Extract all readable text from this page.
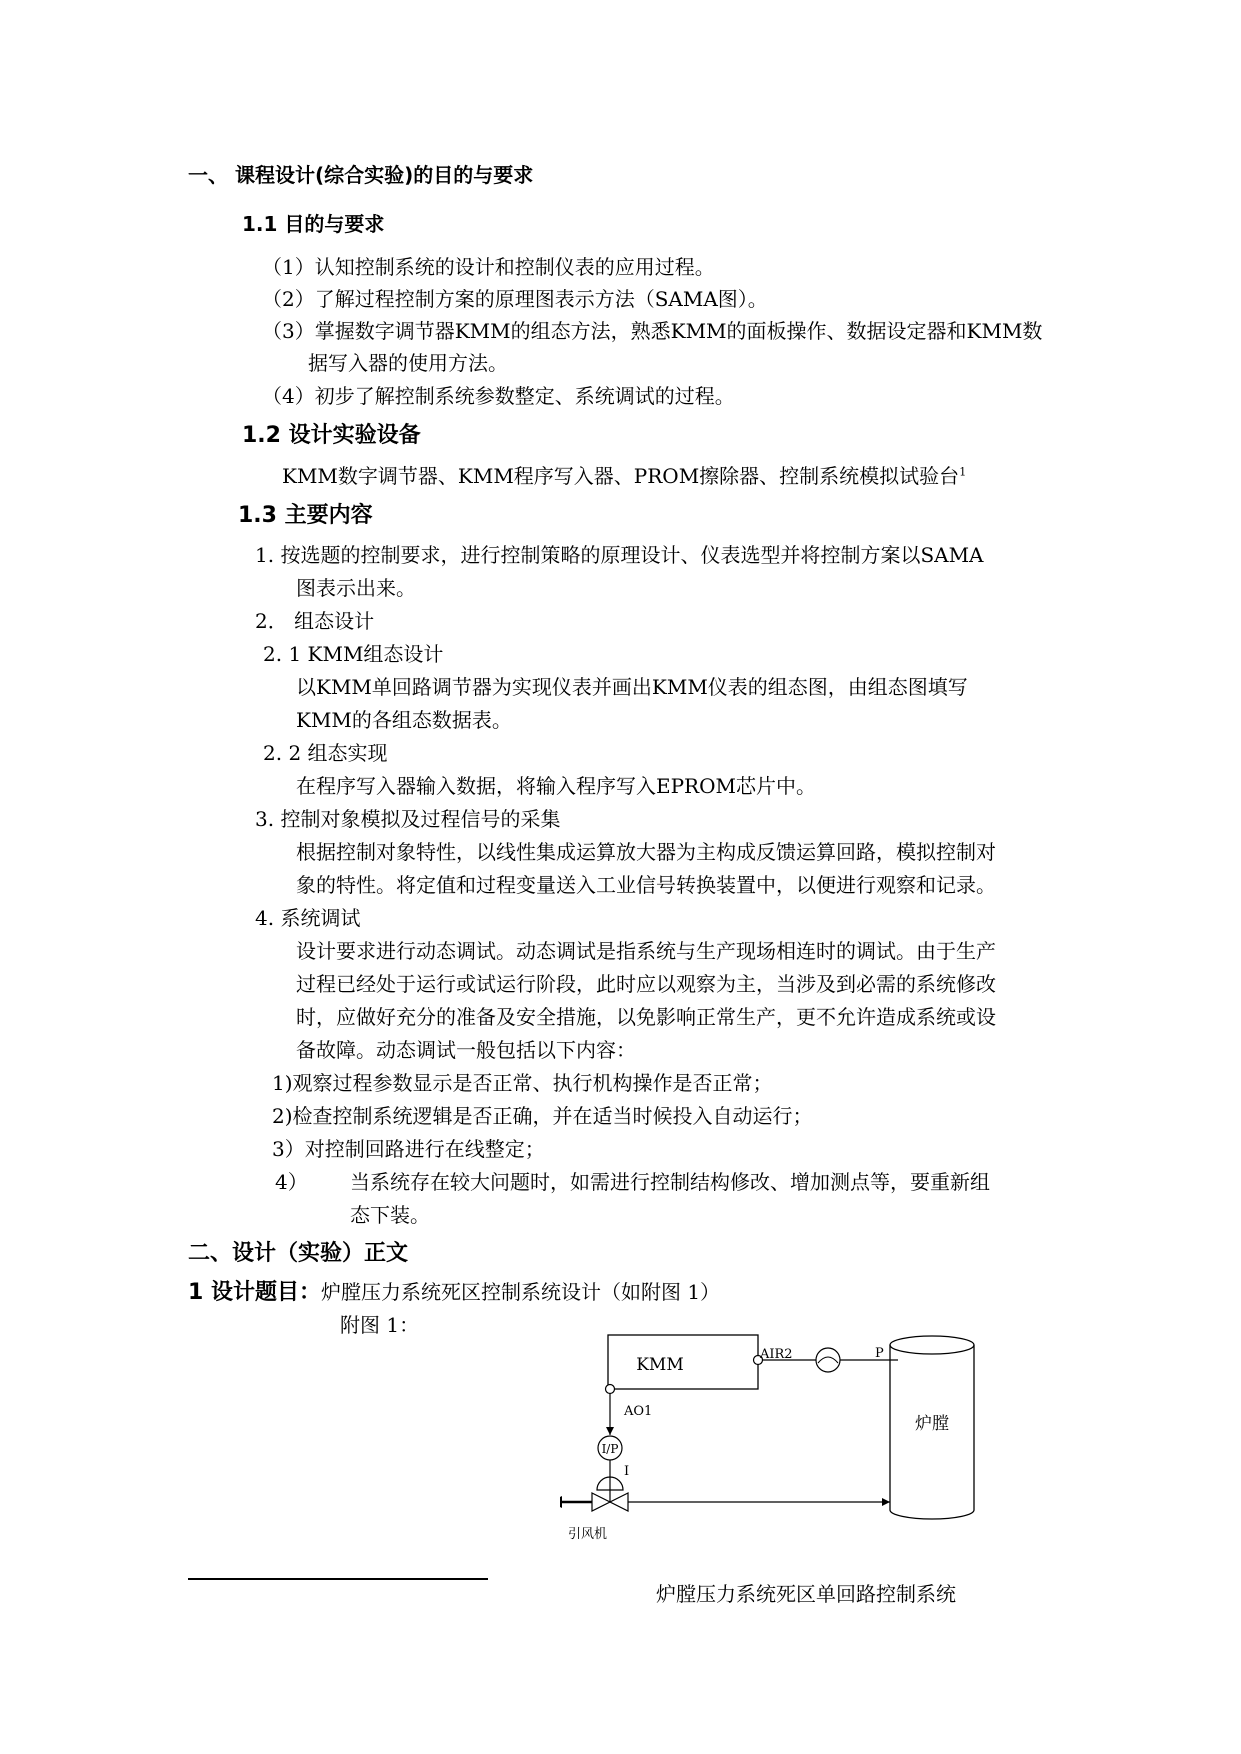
一、 课程设计(综合实验)的目的与要求
1.1 目的与要求
（1）认知控制系统的设计和控制仪表的应用过程。
（2）了解过程控制方案的原理图表示方法（SAMA图）。
（3）掌握数字调节器KMM的组态方法，熟悉KMM的面板操作、数据设定器和KMM数
据写入器的使用方法。
（4）初步了解控制系统参数整定、系统调试的过程。
1.2 设计实验设备
KMM数字调节器、KMM程序写入器、PROM擦除器、控制系统模拟试验台$^1$
1.3 主要内容
1. 按选题的控制要求，进行控制策略的原理设计、仪表选型并将控制方案以SAMA
图表示出来。
2． 组态设计
2. 1 KMM组态设计
以KMM单回路调节器为实现仪表并画出KMM仪表的组态图，由组态图填写
KMM的各组态数据表。
2. 2 组态实现
在程序写入器输入数据，将输入程序写入EPROM芯片中。
3. 控制对象模拟及过程信号的采集
根据控制对象特性，以线性集成运算放大器为主构成反馈运算回路，模拟控制对
象的特性。将定值和过程变量送入工业信号转换装置中，以便进行观察和记录。
4. 系统调试
设计要求进行动态调试。动态调试是指系统与生产现场相连时的调试。由于生产
过程已经处于运行或试运行阶段，此时应以观察为主，当涉及到必需的系统修改
时，应做好充分的准备及安全措施，以免影响正常生产，更不允许造成系统或设
备故障。动态调试一般包括以下内容：
1)观察过程参数显示是否正常、执行机构操作是否正常；
2)检查控制系统逻辑是否正确，并在适当时候投入自动运行；
3）对控制回路进行在线整定；
4） 当系统存在较大问题时，如需进行控制结构修改、增加测点等，要重新组
态下装。
二、设计（实验）正文
1 设计题目：炉膛压力系统死区控制系统设计（如附图 1）
附图 1：
KMM
AIR2	P
炉膛
AO1
I/P
I
引风机
炉膛压力系统死区单回路控制系统
